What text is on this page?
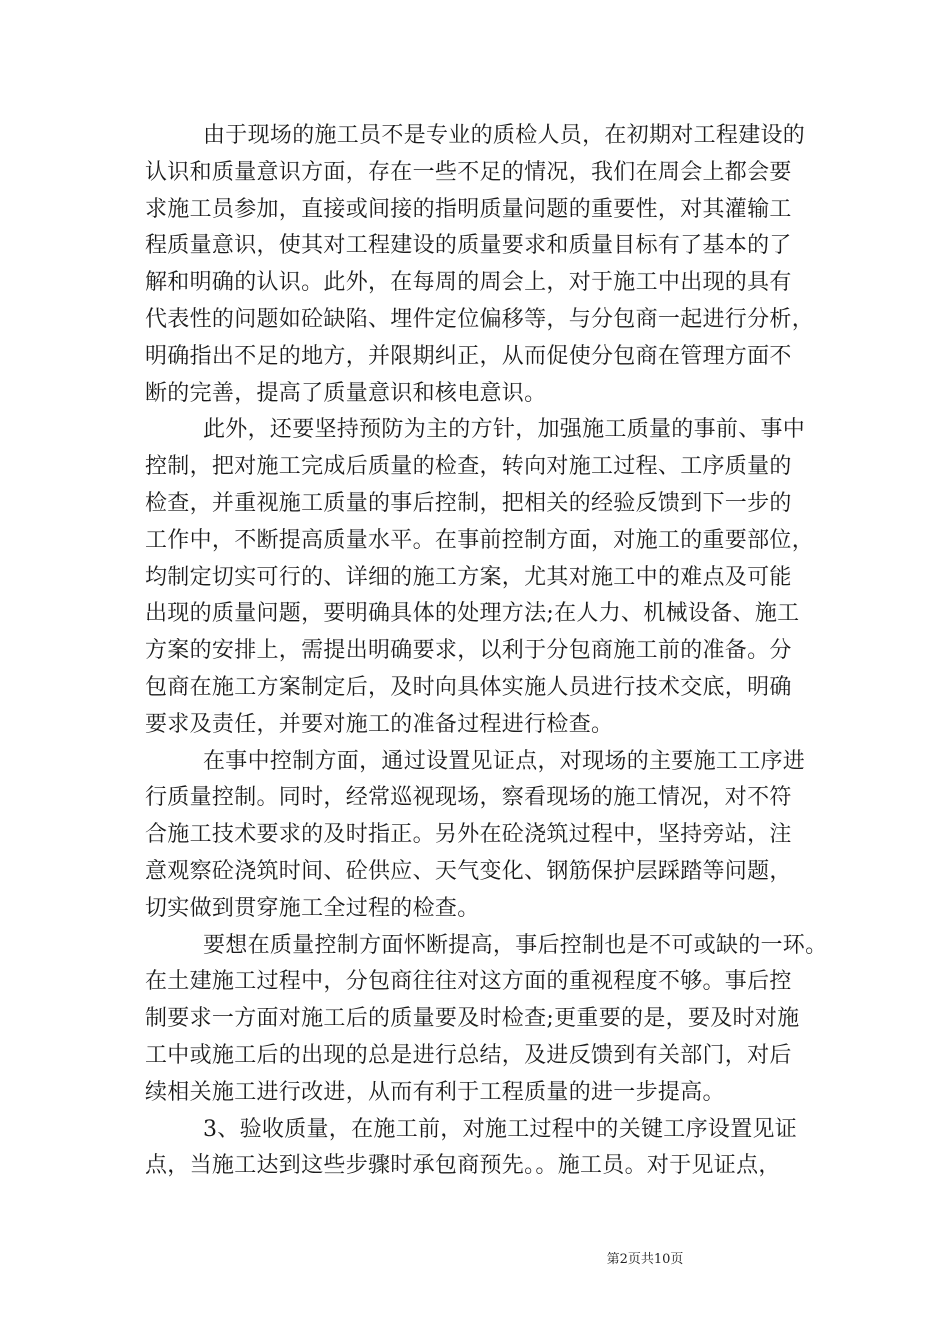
由于现场的施工员不是专业的质检人员，在初期对工程建设的
认识和质量意识方面，存在一些不足的情况，我们在周会上都会要
求施工员参加，直接或间接的指明质量问题的重要性，对其灌输工
程质量意识，使其对工程建设的质量要求和质量目标有了基本的了
解和明确的认识。此外，在每周的周会上，对于施工中出现的具有
代表性的问题如砼缺陷、埋件定位偏移等，与分包商一起进行分析，
明确指出不足的地方，并限期纠正，从而促使分包商在管理方面不
断的完善，提高了质量意识和核电意识。
此外，还要坚持预防为主的方针，加强施工质量的事前、事中
控制，把对施工完成后质量的检查，转向对施工过程、工序质量的
检查，并重视施工质量的事后控制，把相关的经验反馈到下一步的
工作中，不断提高质量水平。在事前控制方面，对施工的重要部位，
均制定切实可行的、详细的施工方案，尤其对施工中的难点及可能
出现的质量问题，要明确具体的处理方法;在人力、机械设备、施工
方案的安排上，需提出明确要求，以利于分包商施工前的准备。分
包商在施工方案制定后，及时向具体实施人员进行技术交底，明确
要求及责任，并要对施工的准备过程进行检查。
在事中控制方面，通过设置见证点，对现场的主要施工工序进
行质量控制。同时，经常巡视现场，察看现场的施工情况，对不符
合施工技术要求的及时指正。另外在砼浇筑过程中，坚持旁站，注
意观察砼浇筑时间、砼供应、天气变化、钢筋保护层踩踏等问题，
切实做到贯穿施工全过程的检查。
要想在质量控制方面怀断提高，事后控制也是不可或缺的一环。
在土建施工过程中，分包商往往对这方面的重视程度不够。事后控
制要求一方面对施工后的质量要及时检查;更重要的是，要及时对施
工中或施工后的出现的总是进行总结，及进反馈到有关部门，对后
续相关施工进行改进，从而有利于工程质量的进一步提高。
3、验收质量，在施工前，对施工过程中的关键工序设置见证
点，当施工达到这些步骤时承包商预先。。施工员。对于见证点，
第2页共10页
